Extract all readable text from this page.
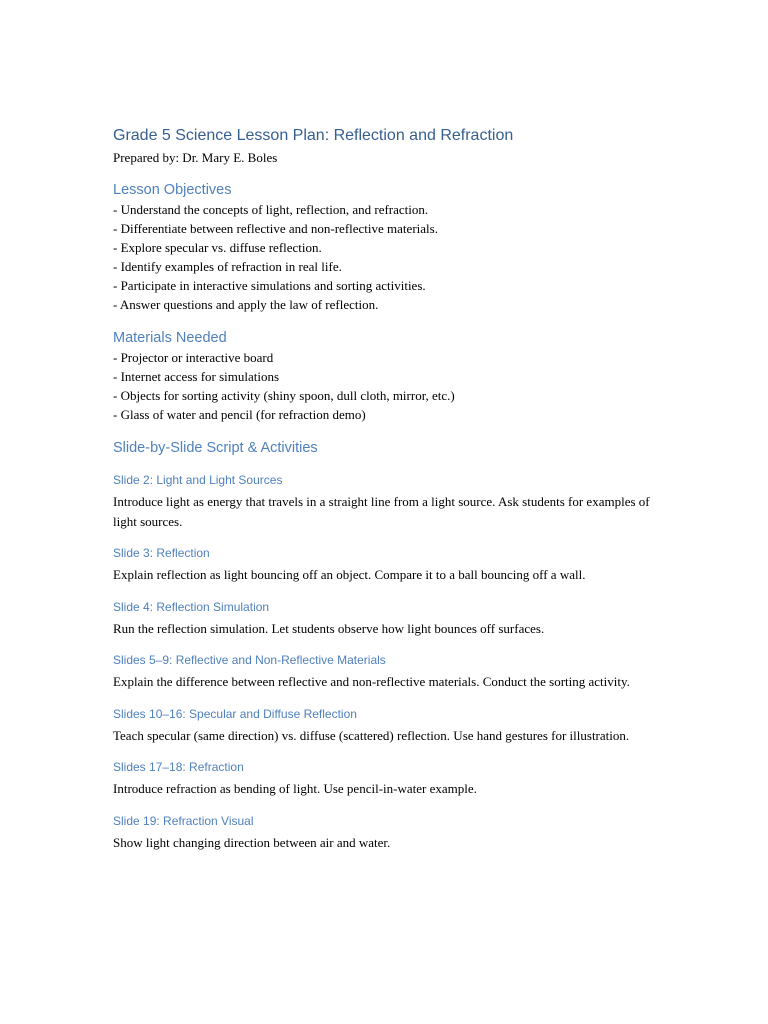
Grade 5 Science Lesson Plan: Reflection and Refraction

Prepared by: Dr. Mary E. Boles

Lesson Objectives
- Understand the concepts of light, reflection, and refraction.
- Differentiate between reflective and non-reflective materials.
- Explore specular vs. diffuse reflection.
- Identify examples of refraction in real life.
- Participate in interactive simulations and sorting activities.
- Answer questions and apply the law of reflection.
Materials Needed
- Projector or interactive board
- Internet access for simulations
- Objects for sorting activity (shiny spoon, dull cloth, mirror, etc.)
- Glass of water and pencil (for refraction demo)
Slide-by-Slide Script & Activities
Slide 2: Light and Light Sources

Introduce light as energy that travels in a straight line from a light source. Ask students for examples of light sources.

Slide 3: Reflection

Explain reflection as light bouncing off an object. Compare it to a ball bouncing off a wall.

Slide 4: Reflection Simulation

Run the reflection simulation. Let students observe how light bounces off surfaces.

Slides 5–9: Reflective and Non-Reflective Materials

Explain the difference between reflective and non-reflective materials. Conduct the sorting activity.

Slides 10–16: Specular and Diffuse Reflection

Teach specular (same direction) vs. diffuse (scattered) reflection. Use hand gestures for illustration.

Slides 17–18: Refraction

Introduce refraction as bending of light. Use pencil-in-water example.

Slide 19: Refraction Visual

Show light changing direction between air and water.
